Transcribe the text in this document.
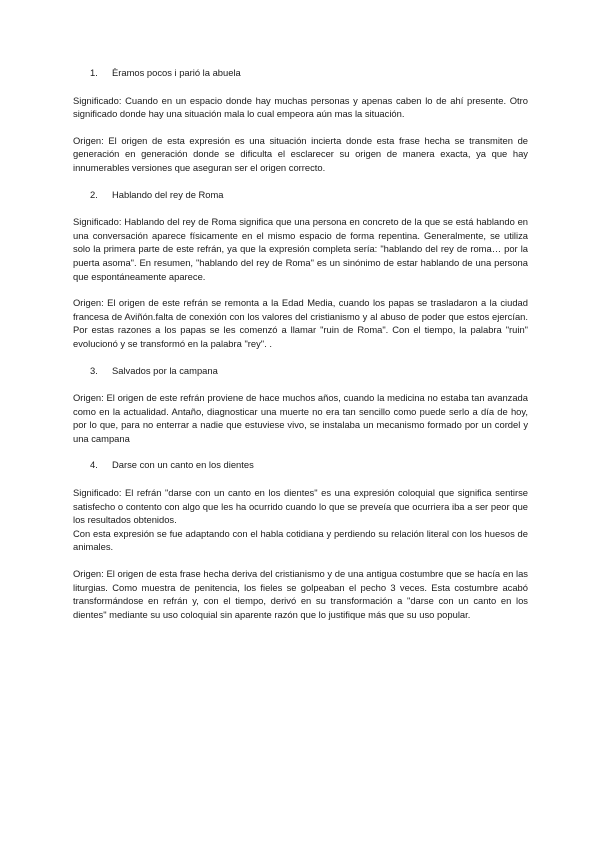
1.	Èramos pocos i parió la abuela

Significado: Cuando en un espacio donde hay muchas personas y apenas caben lo de ahí presente. Otro significado donde hay una situación mala lo cual empeora aún mas la situación.

Origen: El origen de esta expresión es una situación incierta donde esta frase hecha se transmiten de generación en generación donde se dificulta el esclarecer su origen de manera exacta, ya que hay innumerables versiones que aseguran ser el origen correcto.

2.	Hablando del rey de Roma

Significado: Hablando del rey de Roma significa que una persona en concreto de la que se está hablando en una conversación aparece físicamente en el mismo espacio de forma repentina. Generalmente, se utiliza solo la primera parte de este refrán, ya que la expresión completa sería: "hablando del rey de roma… por la puerta asoma". En resumen, "hablando del rey de Roma" es un sinónimo de estar hablando de una persona que espontáneamente aparece.

Origen: El origen de este refrán se remonta a la Edad Media, cuando los papas se trasladaron a la ciudad francesa de Aviñón.falta de conexión con los valores del cristianismo y al abuso de poder que estos ejercían. Por estas razones a los papas se les comenzó a llamar "ruin de Roma". Con el tiempo, la palabra "ruin" evolucionó y se transformó en la palabra "rey". .

3.	Salvados por la campana

Origen: El origen de este refrán proviene de hace muchos años, cuando la medicina no estaba tan avanzada como en la actualidad. Antaño, diagnosticar una muerte no era tan sencillo como puede serlo a día de hoy, por lo que, para no enterrar a nadie que estuviese vivo, se instalaba un mecanismo formado por un cordel y una campana

4.	Darse con un canto en los dientes

Significado: El refrán "darse con un canto en los dientes" es una expresión coloquial que significa sentirse satisfecho o contento con algo que les ha ocurrido cuando lo que se preveía que ocurriera iba a ser peor que los resultados obtenidos.
Con esta expresión se fue adaptando con el habla cotidiana y perdiendo su relación literal con los huesos de animales.

Origen: El origen de esta frase hecha deriva del cristianismo y de una antigua costumbre que se hacía en las liturgias. Como muestra de penitencia, los fieles se golpeaban el pecho 3 veces. Esta costumbre acabó transformándose en refrán y, con el tiempo, derivó en su transformación a "darse con un canto en los dientes" mediante su uso coloquial sin aparente razón que lo justifique más que su uso popular.
